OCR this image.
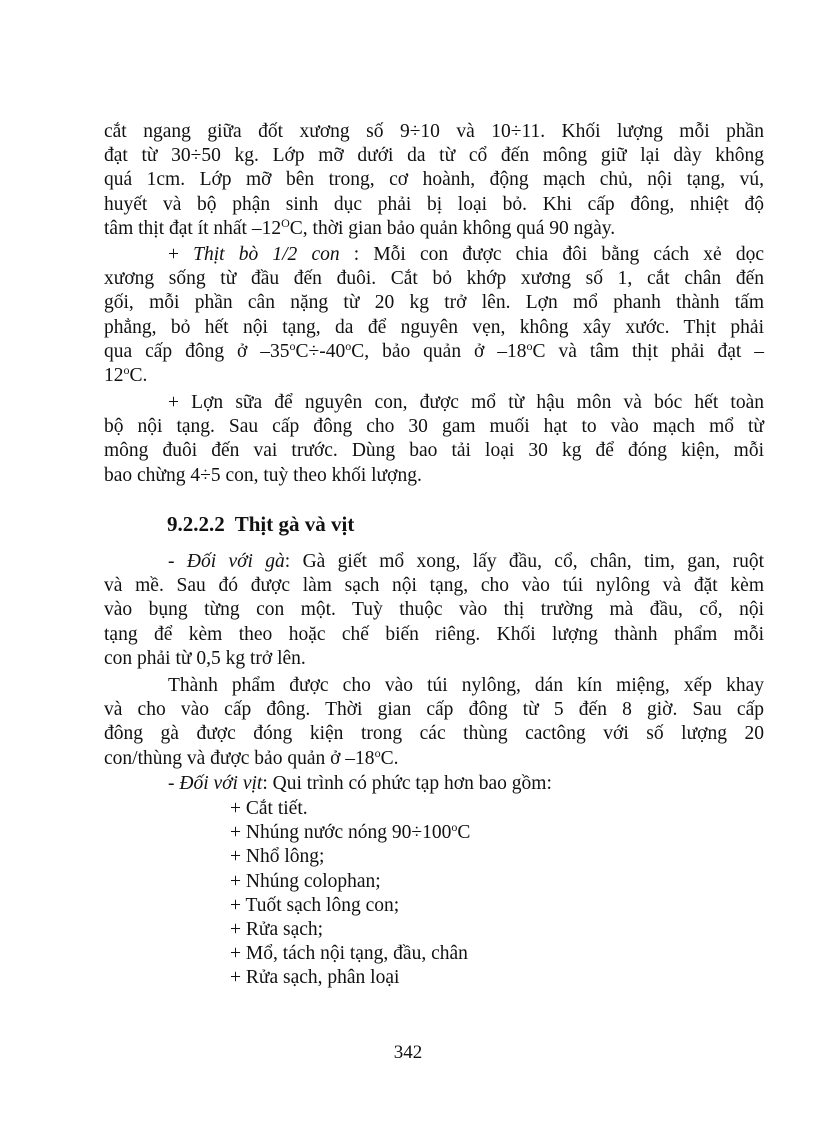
cắt ngang giữa đốt xương số 9÷10 và 10÷11. Khối lượng mỗi phần
đạt từ 30÷50 kg. Lớp mỡ dưới da từ cổ đến mông giữ lại dày không
quá 1cm. Lớp mỡ bên trong, cơ hoành, động mạch chủ, nội tạng, vú,
huyết và bộ phận sinh dục phải bị loại bỏ. Khi cấp đông, nhiệt độ
tâm thịt đạt ít nhất $-12^OC$, thời gian bảo quản không quá 90 ngày.
+ Thịt bò 1/2 con : Mỗi con được chia đôi bằng cách xẻ dọc
xương sống từ đầu đến đuôi. Cắt bỏ khớp xương số 1, cắt chân đến
gối, mỗi phần cân nặng từ 20 kg trở lên. Lợn mổ phanh thành tấm
phẳng, bỏ hết nội tạng, da để nguyên vẹn, không xây xước. Thịt phải
qua cấp đông ở $-35^oC\div-40^oC$, bảo quản ở –18$^o$C và tâm thịt phải đạt –
$12^oC$.
+ Lợn sữa để nguyên con, được mổ từ hậu môn và bóc hết toàn
bộ nội tạng. Sau cấp đông cho 30 gam muối hạt to vào mạch mổ từ
mông đuôi đến vai trước. Dùng bao tải loại 30 kg để đóng kiện, mỗi
bao chừng 4÷5 con, tuỳ theo khối lượng.
9.2.2.2 Thịt gà và vịt
- Đối với gà: Gà giết mổ xong, lấy đầu, cổ, chân, tim, gan, ruột
và mề. Sau đó được làm sạch nội tạng, cho vào túi nylông và đặt kèm
vào bụng từng con một. Tuỳ thuộc vào thị trường mà đầu, cổ, nội
tạng để kèm theo hoặc chế biến riêng. Khối lượng thành phẩm mỗi
con phải từ 0,5 kg trở lên.
Thành phẩm được cho vào túi nylông, dán kín miệng, xếp khay
và cho vào cấp đông. Thời gian cấp đông từ 5 đến 8 giờ. Sau cấp
đông gà được đóng kiện trong các thùng cactông với số lượng 20
con/thùng và được bảo quản ở –18$^o$C.
- Đối với vịt: Qui trình có phức tạp hơn bao gồm:
+ Cắt tiết.
+ Nhúng nước nóng $90\div 100^oC$
+ Nhổ lông;
+ Nhúng colophan;
+ Tuốt sạch lông con;
+ Rửa sạch;
+ Mổ, tách nội tạng, đầu, chân
+ Rửa sạch, phân loại
342
